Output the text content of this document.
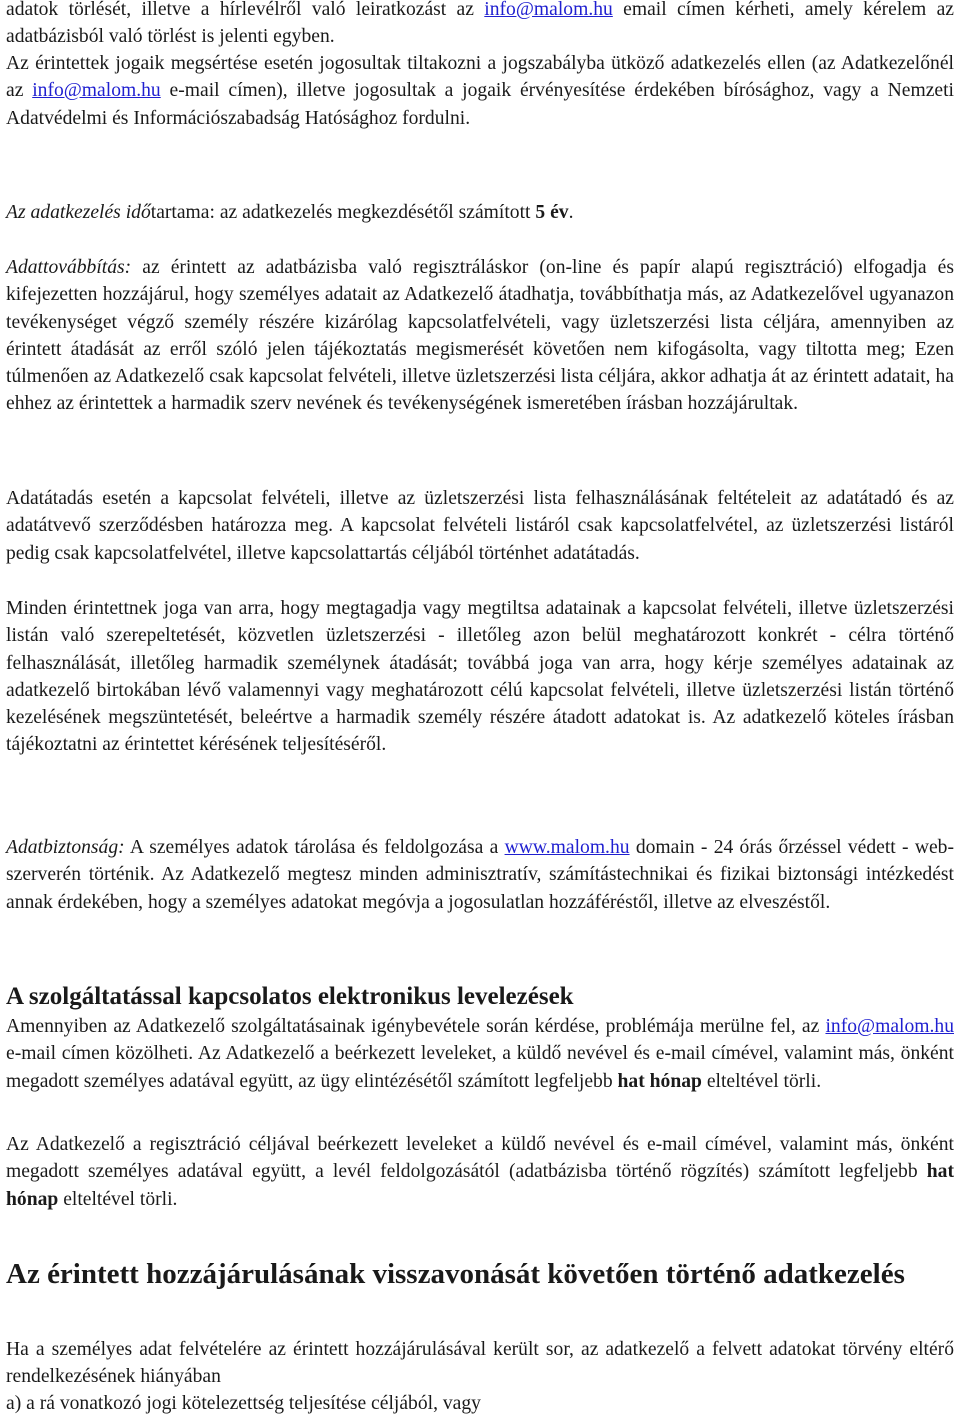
adatok törlését, illetve a hírlevélről való leiratkozást az info@malom.hu email címen kérheti, amely kérelem az adatbázisból való törlést is jelenti egyben.

Az érintettek jogaik megsértése esetén jogosultak tiltakozni a jogszabályba ütköző adatkezelés ellen (az Adatkezelőnél az info@malom.hu e-mail címen), illetve jogosultak a jogaik érvényesítése érdekében bírósághoz, vagy a Nemzeti Adatvédelmi és Információszabadság Hatósághoz fordulni.

Az adatkezelés időtartama: az adatkezelés megkezdésétől számított 5 év.

Adattovábbítás: az érintett az adatbázisba való regisztráláskor (on-line és papír alapú regisztráció) elfogadja és kifejezetten hozzájárul, hogy személyes adatait az Adatkezelő átadhatja, továbbíthatja más, az Adatkezelővel ugyanazon tevékenységet végző személy részére kizárólag kapcsolatfelvételi, vagy üzletszerzési lista céljára, amennyiben az érintett átadását az erről szóló jelen tájékoztatás megismerését követően nem kifogásolta, vagy tiltotta meg; Ezen túlmenően az Adatkezelő csak kapcsolat felvételi, illetve üzletszerzési lista céljára, akkor adhatja át az érintett adatait, ha ehhez az érintettek a harmadik szerv nevének és tevékenységének ismeretében írásban hozzájárultak.

Adatátadás esetén a kapcsolat felvételi, illetve az üzletszerzési lista felhasználásának feltételeit az adatátadó és az adatátvevő szerződésben határozza meg. A kapcsolat felvételi listáról csak kapcsolatfelvétel, az üzletszerzési listáról pedig csak kapcsolatfelvétel, illetve kapcsolattartás céljából történhet adatátadás.

Minden érintettnek joga van arra, hogy megtagadja vagy megtiltsa adatainak a kapcsolat felvételi, illetve üzletszerzési listán való szerepeltetését, közvetlen üzletszerzési - illetőleg azon belül meghatározott konkrét - célra történő felhasználását, illetőleg harmadik személynek átadását; továbbá joga van arra, hogy kérje személyes adatainak az adatkezelő birtokában lévő valamennyi vagy meghatározott célú kapcsolat felvételi, illetve üzletszerzési listán történő kezelésének megszüntetését, beleértve a harmadik személy részére átadott adatokat is. Az adatkezelő köteles írásban tájékoztatni az érintettet kérésének teljesítéséről.

Adatbiztonság: A személyes adatok tárolása és feldolgozása a www.malom.hu domain - 24 órás őrzéssel védett - web-szerverén történik. Az Adatkezelő megtesz minden adminisztratív, számítástechnikai és fizikai biztonsági intézkedést annak érdekében, hogy a személyes adatokat megóvja a jogosulatlan hozzáféréstől, illetve az elveszéstől.

A szolgáltatással kapcsolatos elektronikus levelezések

Amennyiben az Adatkezelő szolgáltatásainak igénybevétele során kérdése, problémája merülne fel, az info@malom.hu e-mail címen közölheti. Az Adatkezelő a beérkezett leveleket, a küldő nevével és e-mail címével, valamint más, önként megadott személyes adatával együtt, az ügy elintézésétől számított legfeljebb hat hónap elteltével törli.

Az Adatkezelő a regisztráció céljával beérkezett leveleket a küldő nevével és e-mail címével, valamint más, önként megadott személyes adatával együtt, a levél feldolgozásától (adatbázisba történő rögzítés) számított legfeljebb hat hónap elteltével törli.

Az érintett hozzájárulásának visszavonását követően történő adatkezelés

Ha a személyes adat felvételére az érintett hozzájárulásával került sor, az adatkezelő a felvett adatokat törvény eltérő rendelkezésének hiányában

a) a rá vonatkozó jogi kötelezettség teljesítése céljából, vagy
